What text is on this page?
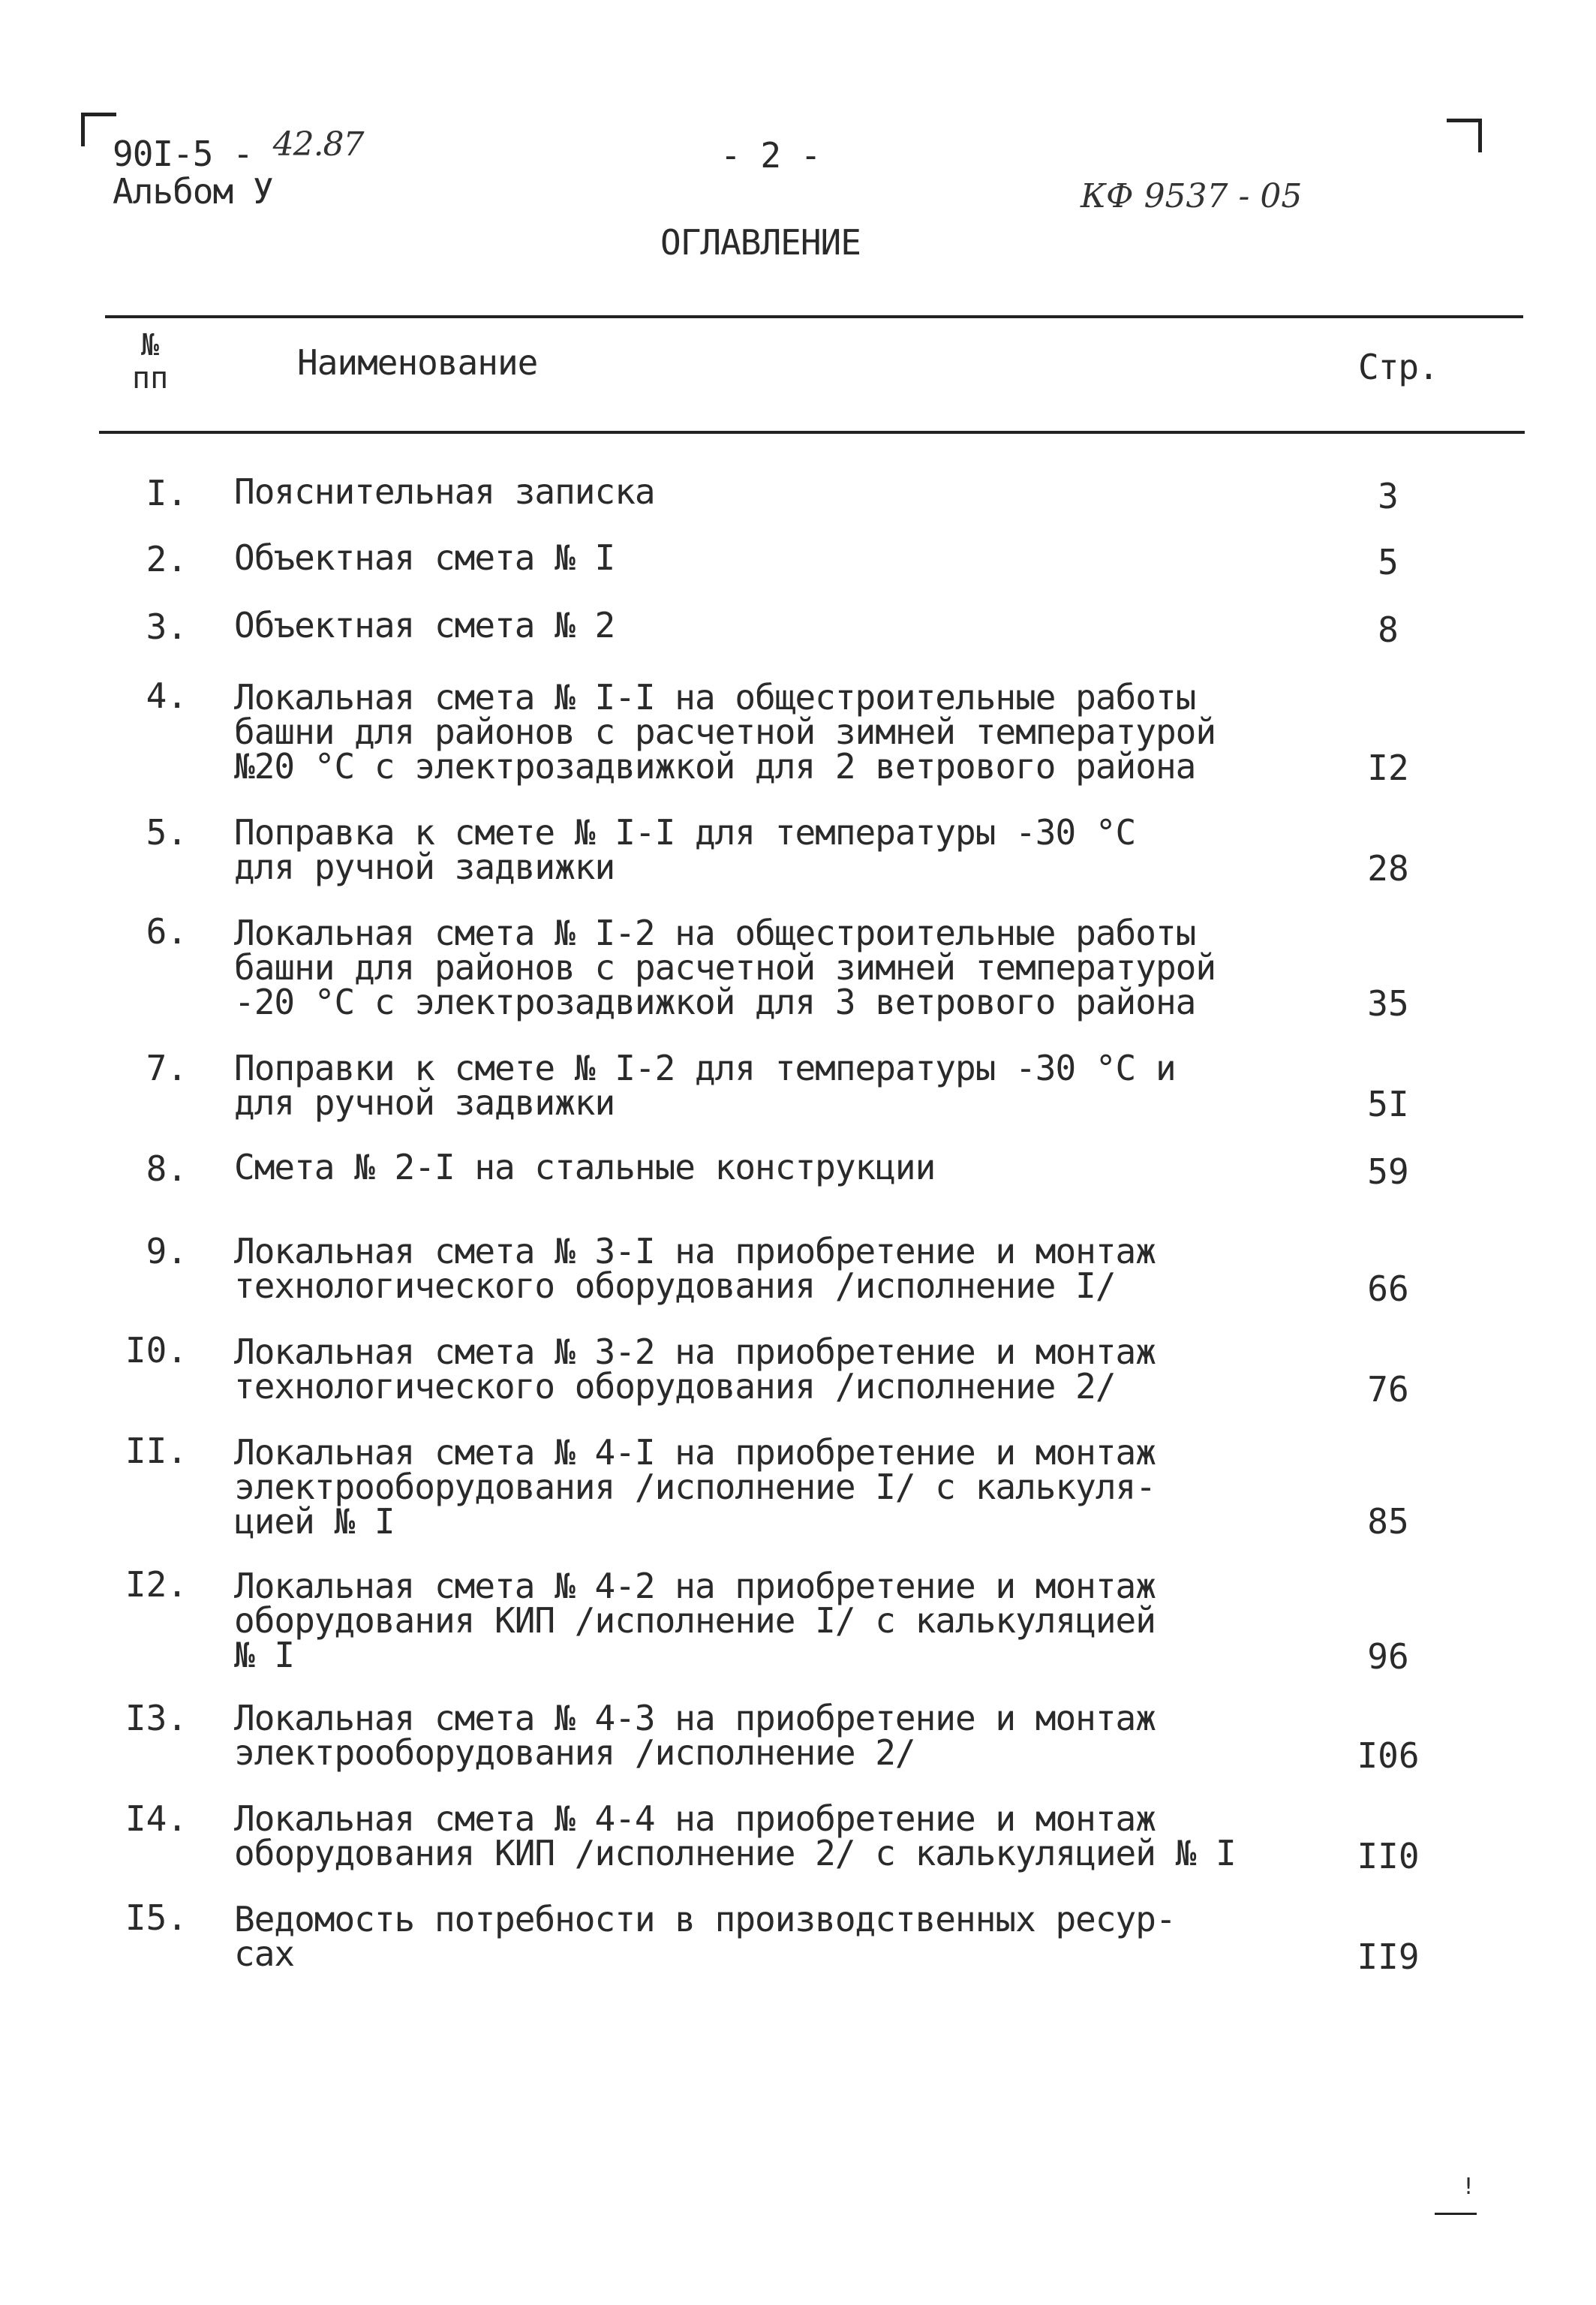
90I-5 - 42.87
Альбом У
- 2 -
КФ 9537 - 05
ОГЛАВЛЕНИЕ
№
пп	Наименование	Стр.
I. Пояснительная записка	3
2. Объектная смета № I	5
3. Объектная смета № 2	8
4. Локальная смета № I-I на общестроительные работы
башни для районов с расчетной зимней температурой
№20 °С с электрозадвижкой для 2 ветрового района	I2
5. Поправка к смете № I-I для температуры -30 °С
для ручной задвижки	28
6. Локальная смета № I-2 на общестроительные работы
башни для районов с расчетной зимней температурой
-20 °С с электрозадвижкой для 3 ветрового района	35
7. Поправки к смете № I-2 для температуры -30 °С и
для ручной задвижки	5I
8. Смета № 2-I на стальные конструкции	59
9. Локальная смета № 3-I на приобретение и монтаж
технологического оборудования /исполнение I/	66
I0. Локальная смета № 3-2 на приобретение и монтаж
технологического оборудования /исполнение 2/	76
II. Локальная смета № 4-I на приобретение и монтаж
электрооборудования /исполнение I/ с калькуля-
цией № I	85
I2. Локальная смета № 4-2 на приобретение и монтаж
оборудования КИП /исполнение I/ с калькуляцией
№ I	96
I3. Локальная смета № 4-3 на приобретение и монтаж
электрооборудования /исполнение 2/	I06
I4. Локальная смета № 4-4 на приобретение и монтаж
оборудования КИП /исполнение 2/ с калькуляцией № I	II0
I5. Ведомость потребности в производственных ресур-
сах	II9
!
